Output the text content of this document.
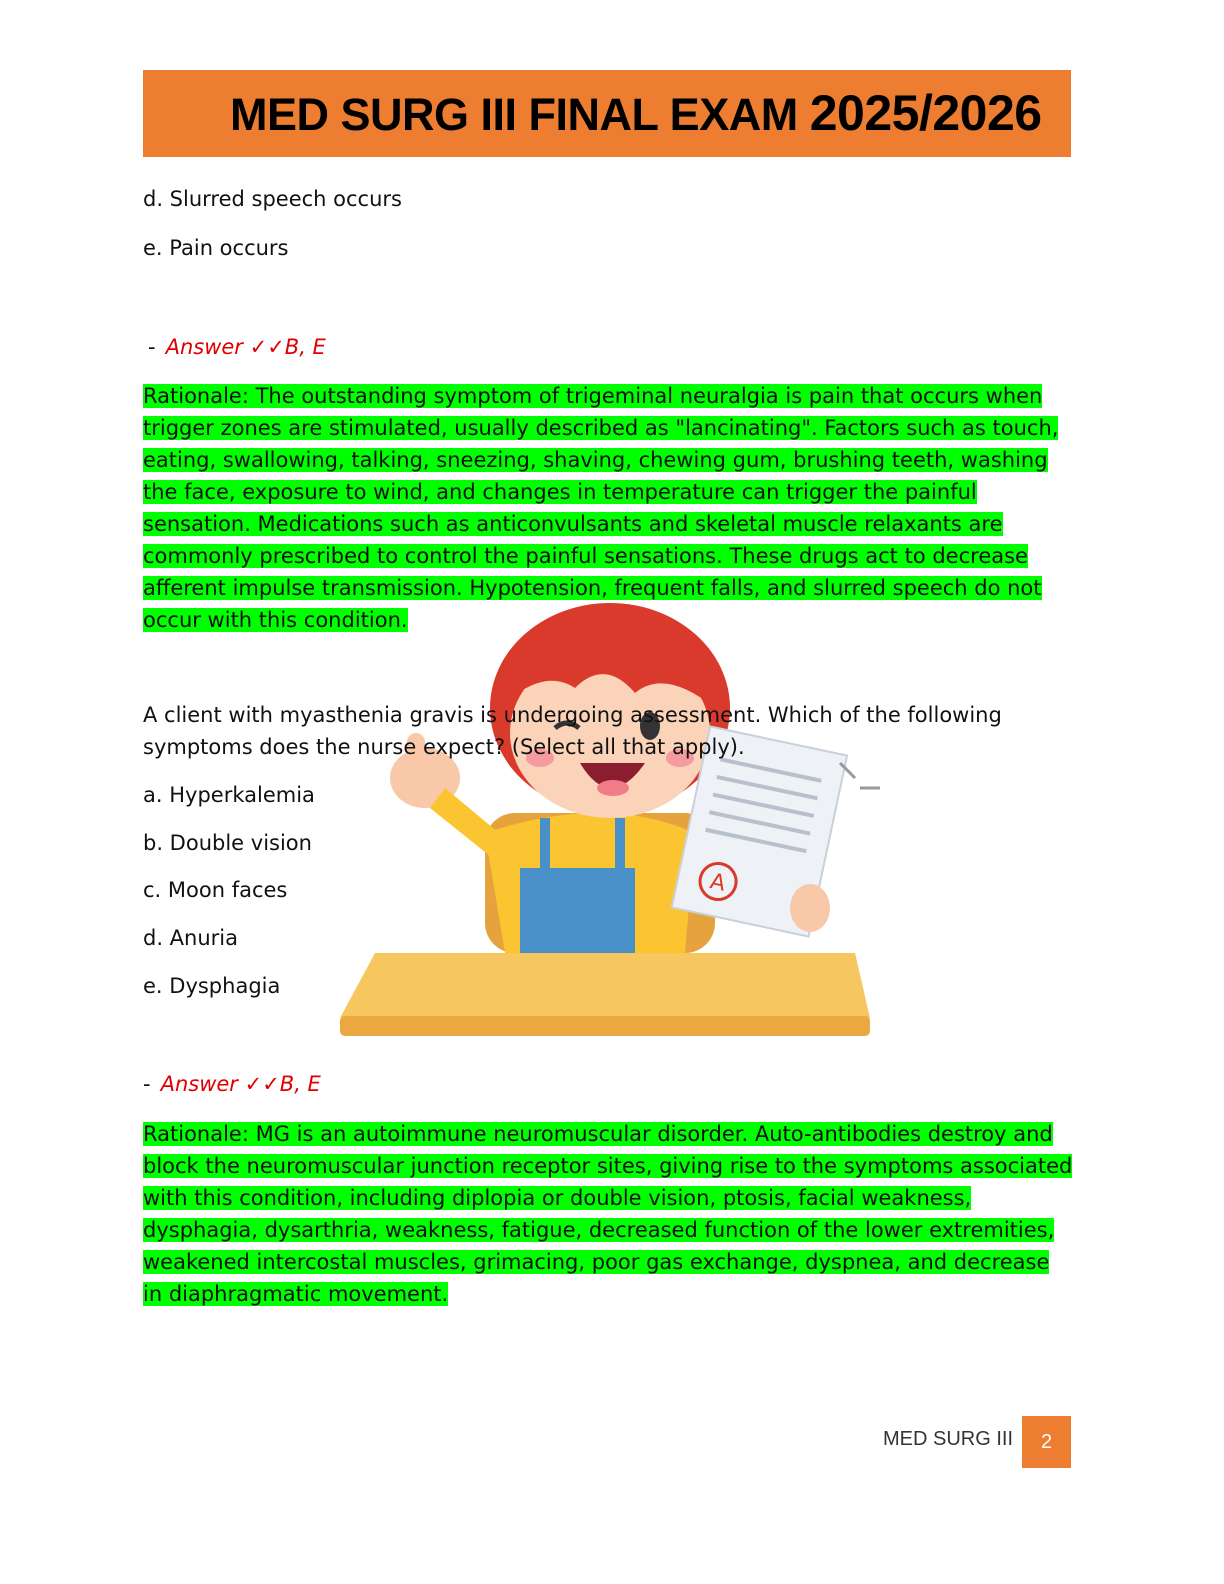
MED SURG III FINAL EXAM 2025/2026
d. Slurred speech occurs
e. Pain occurs
- Answer ✓✓B, E
Rationale: The outstanding symptom of trigeminal neuralgia is pain that occurs when trigger zones are stimulated, usually described as "lancinating". Factors such as touch, eating, swallowing, talking, sneezing, shaving, chewing gum, brushing teeth, washing the face, exposure to wind, and changes in temperature can trigger the painful sensation. Medications such as anticonvulsants and skeletal muscle relaxants are commonly prescribed to control the painful sensations. These drugs act to decrease afferent impulse transmission. Hypotension, frequent falls, and slurred speech do not occur with this condition.
A
A client with myasthenia gravis is undergoing assessment. Which of the following symptoms does the nurse expect? (Select all that apply).
a. Hyperkalemia
b. Double vision
c. Moon faces
d. Anuria
e. Dysphagia
- Answer ✓✓B, E
Rationale: MG is an autoimmune neuromuscular disorder. Auto-antibodies destroy and block the neuromuscular junction receptor sites, giving rise to the symptoms associated with this condition, including diplopia or double vision, ptosis, facial weakness, dysphagia, dysarthria, weakness, fatigue, decreased function of the lower extremities, weakened intercostal muscles, grimacing, poor gas exchange, dyspnea, and decrease in diaphragmatic movement.
MED SURG III	2
